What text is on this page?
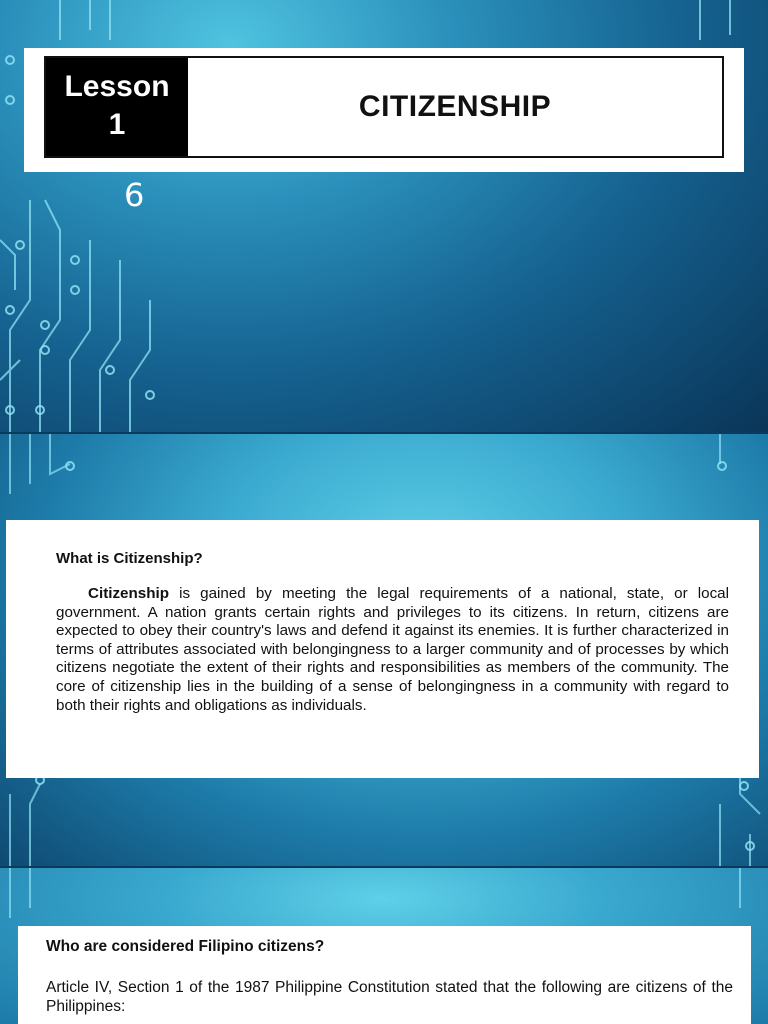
Lesson
1
CITIZENSHIP
6

What is Citizenship?

Citizenship is gained by meeting the legal requirements of a national, state, or local government. A nation grants certain rights and privileges to its citizens. In return, citizens are expected to obey their country's laws and defend it against its enemies. It is further characterized in terms of attributes associated with belongingness to a larger community and of processes by which citizens negotiate the extent of their rights and responsibilities as members of the community. The core of citizenship lies in the building of a sense of belongingness in a community with regard to both their rights and obligations as individuals.

Who are considered Filipino citizens?

Article IV, Section 1 of the 1987 Philippine Constitution stated that the following are citizens of the Philippines:
